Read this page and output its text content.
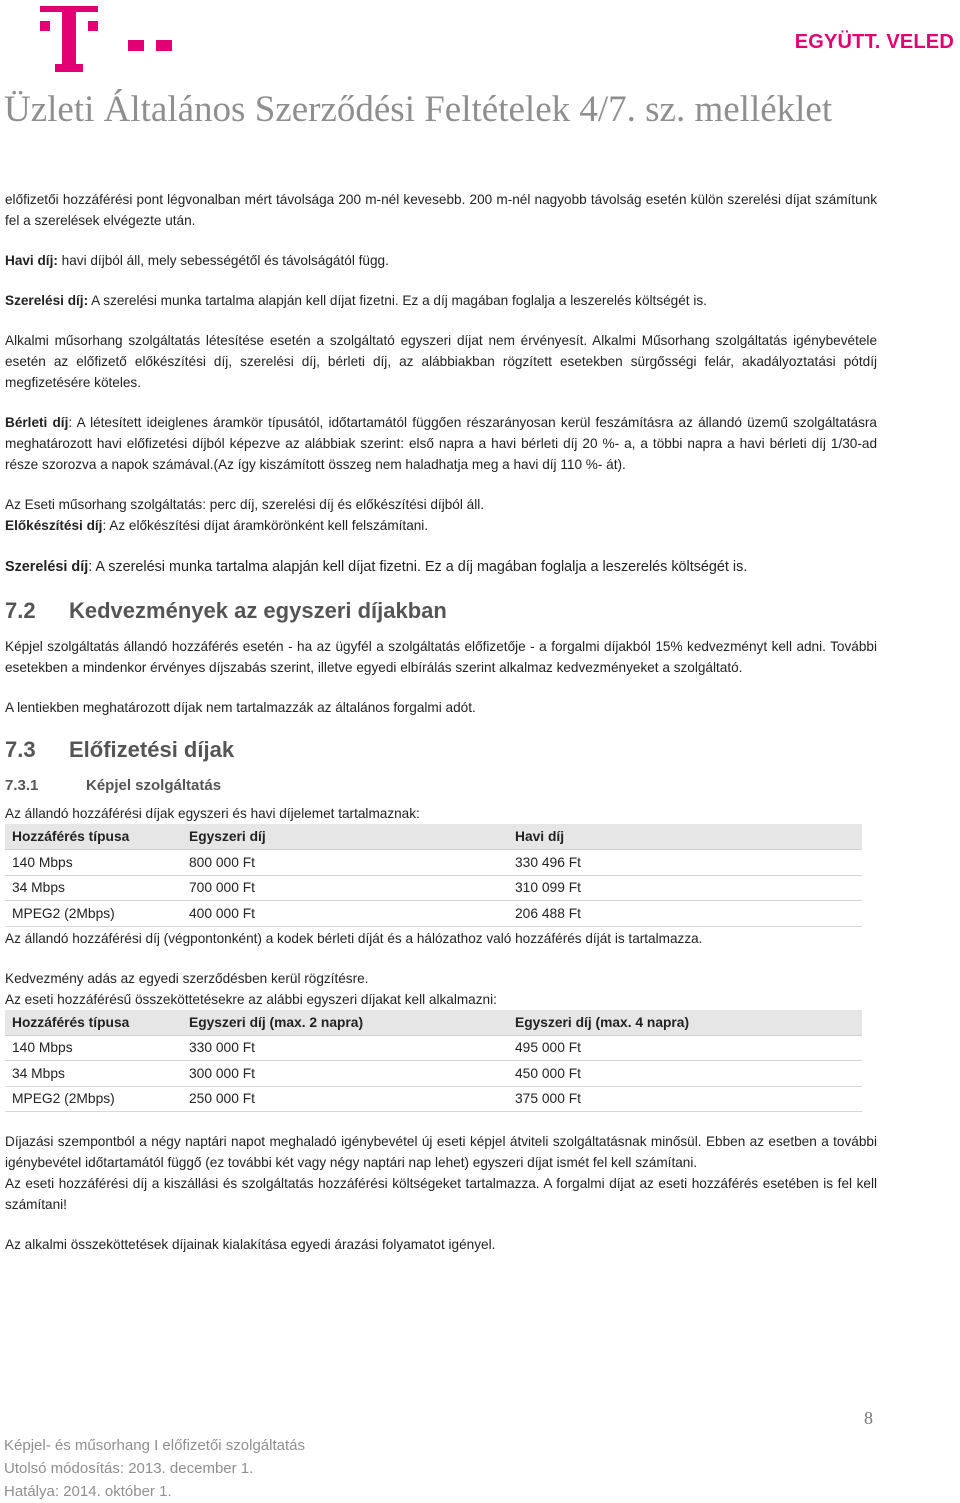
EGYÜTT. VELED
Üzleti Általános Szerződési Feltételek 4/7. sz. melléklet

előfizetői hozzáférési pont légvonalban mért távolsága 200 m-nél kevesebb. 200 m-nél nagyobb távolság esetén külön szerelési díjat számítunk fel a szerelések elvégezte után.

Havi díj: havi díjból áll, mely sebességétől és távolságától függ.

Szerelési díj: A szerelési munka tartalma alapján kell díjat fizetni. Ez a díj magában foglalja a leszerelés költségét is.

Alkalmi műsorhang szolgáltatás létesítése esetén a szolgáltató egyszeri díjat nem érvényesít. Alkalmi Műsorhang szolgáltatás igénybevétele esetén az előfizető előkészítési díj, szerelési díj, bérleti díj, az alábbiakban rögzített esetekben sürgősségi felár, akadályoztatási pótdíj megfizetésére köteles.

Bérleti díj: A létesített ideiglenes áramkör típusától, időtartamától függően részarányosan kerül feszámításra az állandó üzemű szolgáltatásra meghatározott havi előfizetési díjból képezve az alábbiak szerint: első napra a havi bérleti díj 20 %- a, a többi napra a havi bérleti díj 1/30-ad része szorozva a napok számával.(Az így kiszámított összeg nem haladhatja meg a havi díj 110 %- át).

Az Eseti műsorhang szolgáltatás: perc díj, szerelési díj és előkészítési díjból áll.

Előkészítési díj: Az előkészítési díjat áramkörönként kell felszámítani.

Szerelési díj: A szerelési munka tartalma alapján kell díjat fizetni. Ez a díj magában foglalja a leszerelés költségét is.

7.2 Kedvezmények az egyszeri díjakban

Képjel szolgáltatás állandó hozzáférés esetén - ha az ügyfél a szolgáltatás előfizetője - a forgalmi díjakból 15% kedvezményt kell adni. További esetekben a mindenkor érvényes díjszabás szerint, illetve egyedi elbírálás szerint alkalmaz kedvezményeket a szolgáltató.

A lentiekben meghatározott díjak nem tartalmazzák az általános forgalmi adót.

7.3 Előfizetési díjak
7.3.1	Képjel szolgáltatás

Az állandó hozzáférési díjak egyszeri és havi díjelemet tartalmaznak:

Hozzáférés típusa	Egyszeri díj	Havi díj
140 Mbps	800 000 Ft	330 496 Ft
34 Mbps	700 000 Ft	310 099 Ft
MPEG2 (2Mbps)	400 000 Ft	206 488 Ft

Az állandó hozzáférési díj (végpontonként) a kodek bérleti díját és a hálózathoz való hozzáférés díját is tartalmazza.

Kedvezmény adás az egyedi szerződésben kerül rögzítésre.

Az eseti hozzáférésű összeköttetésekre az alábbi egyszeri díjakat kell alkalmazni:

Hozzáférés típusa	Egyszeri díj (max. 2 napra)	Egyszeri díj (max. 4 napra)
140 Mbps	330 000 Ft	495 000 Ft
34 Mbps	300 000 Ft	450 000 Ft
MPEG2 (2Mbps)	250 000 Ft	375 000 Ft

Díjazási szempontból a négy naptári napot meghaladó igénybevétel új eseti képjel átviteli szolgáltatásnak minősül. Ebben az esetben a további igénybevétel időtartamától függő (ez további két vagy négy naptári nap lehet) egyszeri díjat ismét fel kell számítani.

Az eseti hozzáférési díj a kiszállási és szolgáltatás hozzáférési költségeket tartalmazza. A forgalmi díjat az eseti hozzáférés esetében is fel kell számítani!

Az alkalmi összeköttetések díjainak kialakítása egyedi árazási folyamatot igényel.

8
Képjel- és műsorhang I előfizetői szolgáltatás
Utolsó módosítás: 2013. december 1.
Hatálya: 2014. október 1.
